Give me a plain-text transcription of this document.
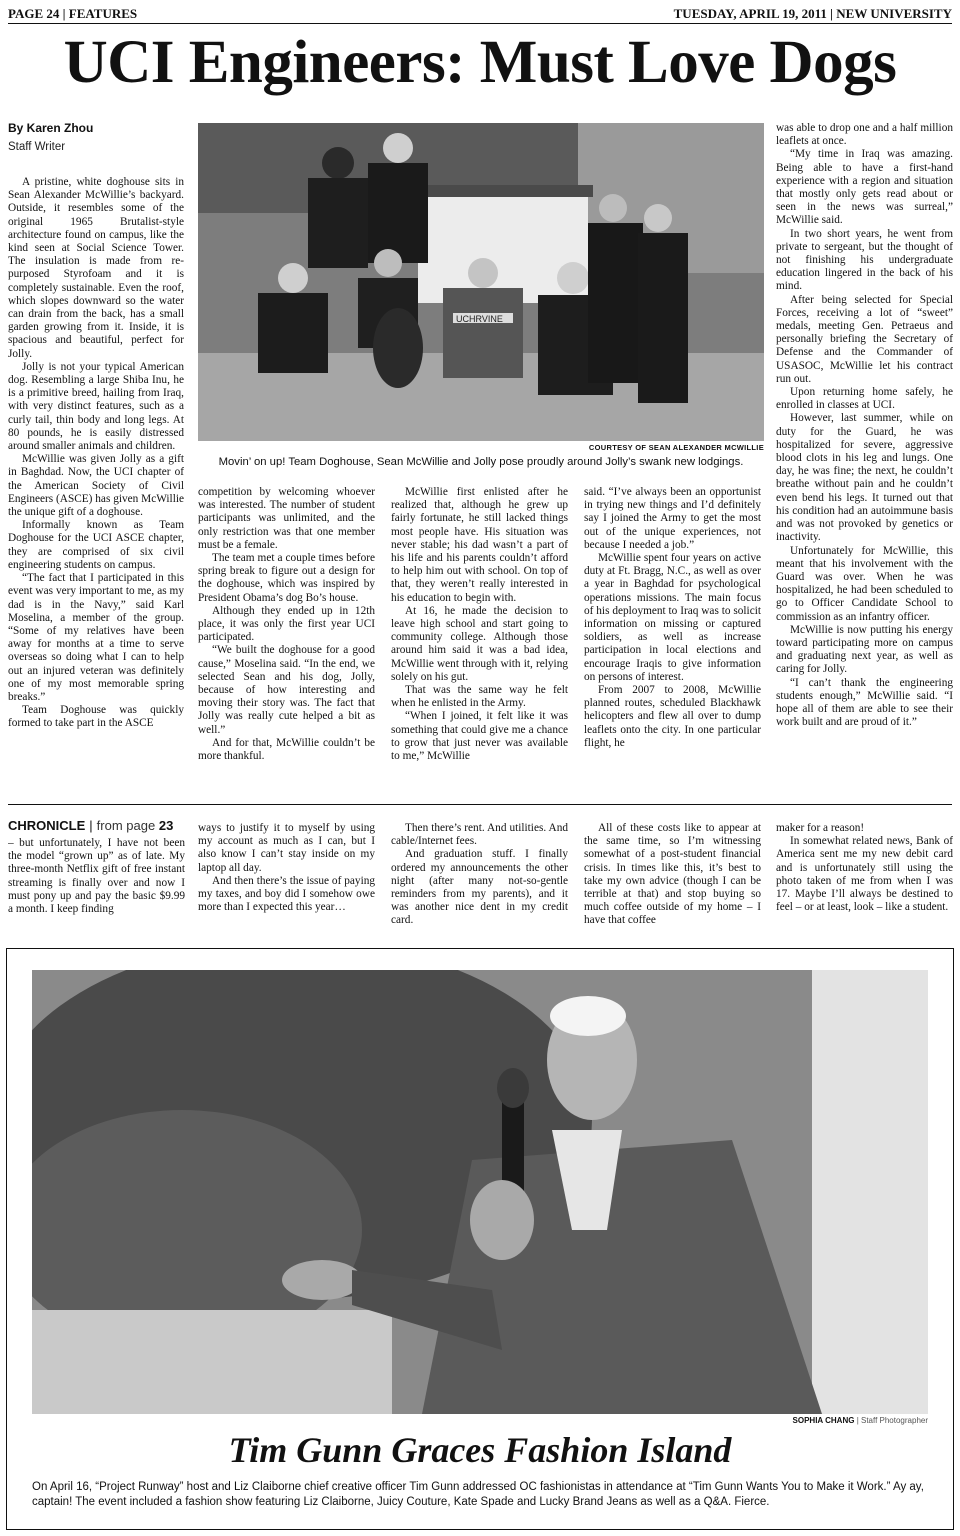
PAGE 24 | FEATURES	TUESDAY, APRIL 19, 2011 | NEW UNIVERSITY
UCI Engineers: Must Love Dogs
By Karen Zhou
Staff Writer

A pristine, white doghouse sits in Sean Alexander McWillie’s backyard. Outside, it resembles some of the original 1965 Brutalist-style architecture found on campus, like the kind seen at Social Science Tower. The insulation is made from re-purposed Styrofoam and it is completely sustainable. Even the roof, which slopes downward so the water can drain from the back, has a small garden growing from it. Inside, it is spacious and beautiful, perfect for Jolly.

Jolly is not your typical American dog. Resembling a large Shiba Inu, he is a primitive breed, hailing from Iraq, with very distinct features, such as a curly tail, thin body and long legs. At 80 pounds, he is easily distressed around smaller animals and children.

McWillie was given Jolly as a gift in Baghdad. Now, the UCI chapter of the American Society of Civil Engineers (ASCE) has given McWillie the unique gift of a doghouse.

Informally known as Team Doghouse for the UCI ASCE chapter, they are comprised of six civil engineering students on campus.

“The fact that I participated in this event was very important to me, as my dad is in the Navy,” said Karl Moselina, a member of the group. “Some of my relatives have been away for months at a time to serve overseas so doing what I can to help out an injured veteran was definitely one of my most memorable spring breaks.”

Team Doghouse was quickly formed to take part in the ASCE

UCHRVINE
COURTESY OF SEAN ALEXANDER MCWILLIE
Movin’ on up! Team Doghouse, Sean McWillie and Jolly pose proudly around Jolly’s swank new lodgings.

competition by welcoming whoever was interested. The number of student participants was unlimited, and the only restriction was that one member must be a female.

The team met a couple times before spring break to figure out a design for the doghouse, which was inspired by President Obama’s dog Bo’s house.

Although they ended up in 12th place, it was only the first year UCI participated.

“We built the doghouse for a good cause,” Moselina said. “In the end, we selected Sean and his dog, Jolly, because of how interesting and moving their story was. The fact that Jolly was really cute helped a bit as well.”

And for that, McWillie couldn’t be more thankful.

McWillie first enlisted after he realized that, although he grew up fairly fortunate, he still lacked things most people have. His situation was never stable; his dad wasn’t a part of his life and his parents couldn’t afford to help him out with school. On top of that, they weren’t really interested in his education to begin with.

At 16, he made the decision to leave high school and start going to community college. Although those around him said it was a bad idea, McWillie went through with it, relying solely on his gut.

That was the same way he felt when he enlisted in the Army.

“When I joined, it felt like it was something that could give me a chance to grow that just never was available to me,” McWillie

said. “I’ve always been an opportunist in trying new things and I’d definitely say I joined the Army to get the most out of the unique experiences, not because I needed a job.”

McWillie spent four years on active duty at Ft. Bragg, N.C., as well as over a year in Baghdad for psychological operations missions. The main focus of his deployment to Iraq was to solicit information on missing or captured soldiers, as well as increase participation in local elections and encourage Iraqis to give information on persons of interest.

From 2007 to 2008, McWillie planned routes, scheduled Blackhawk helicopters and flew all over to dump leaflets onto the city. In one particular flight, he

was able to drop one and a half million leaflets at once.

“My time in Iraq was amazing. Being able to have a first-hand experience with a region and situation that mostly only gets read about or seen in the news was surreal,” McWillie said.

In two short years, he went from private to sergeant, but the thought of not finishing his undergraduate education lingered in the back of his mind.

After being selected for Special Forces, receiving a lot of “sweet” medals, meeting Gen. Petraeus and personally briefing the Secretary of Defense and the Commander of USASOC, McWillie let his contract run out.

Upon returning home safely, he enrolled in classes at UCI.

However, last summer, while on duty for the Guard, he was hospitalized for severe, aggressive blood clots in his leg and lungs. One day, he was fine; the next, he couldn’t breathe without pain and he couldn’t even bend his legs. It turned out that his condition had an autoimmune basis and was not provoked by genetics or inactivity.

Unfortunately for McWillie, this meant that his involvement with the Guard was over. When he was hospitalized, he had been scheduled to go to Officer Candidate School to commission as an infantry officer.

McWillie is now putting his energy toward participating more on campus and graduating next year, as well as caring for Jolly.

“I can’t thank the engineering students enough,” McWillie said. “I hope all of them are able to see their work built and are proud of it.”

CHRONICLE | from page 23

– but unfortunately, I have not been the model “grown up” as of late. My three-month Netflix gift of free instant streaming is finally over and now I must pony up and pay the basic $9.99 a month. I keep finding

ways to justify it to myself by using my account as much as I can, but I also know I can’t stay inside on my laptop all day.

And then there’s the issue of paying my taxes, and boy did I somehow owe more than I expected this year…

Then there’s rent. And utilities. And cable/Internet fees.

And graduation stuff. I finally ordered my announcements the other night (after many not-so-gentle reminders from my parents), and it was another nice dent in my credit card.

All of these costs like to appear at the same time, so I’m witnessing somewhat of a post-student financial crisis. In times like this, it’s best to take my own advice (though I can be terrible at that) and stop buying so much coffee outside of my home – I have that coffee

maker for a reason!

In somewhat related news, Bank of America sent me my new debit card and is unfortunately still using the photo taken of me from when I was 17. Maybe I’ll always be destined to feel – or at least, look – like a student.

SOPHIA CHANG | Staff Photographer
Tim Gunn Graces Fashion Island
On April 16, “Project Runway” host and Liz Claiborne chief creative officer Tim Gunn addressed OC fashionistas in attendance at “Tim Gunn Wants You to Make it Work.” Ay ay, captain! The event included a fashion show featuring Liz Claiborne, Juicy Couture, Kate Spade and Lucky Brand Jeans as well as a Q&A. Fierce.
